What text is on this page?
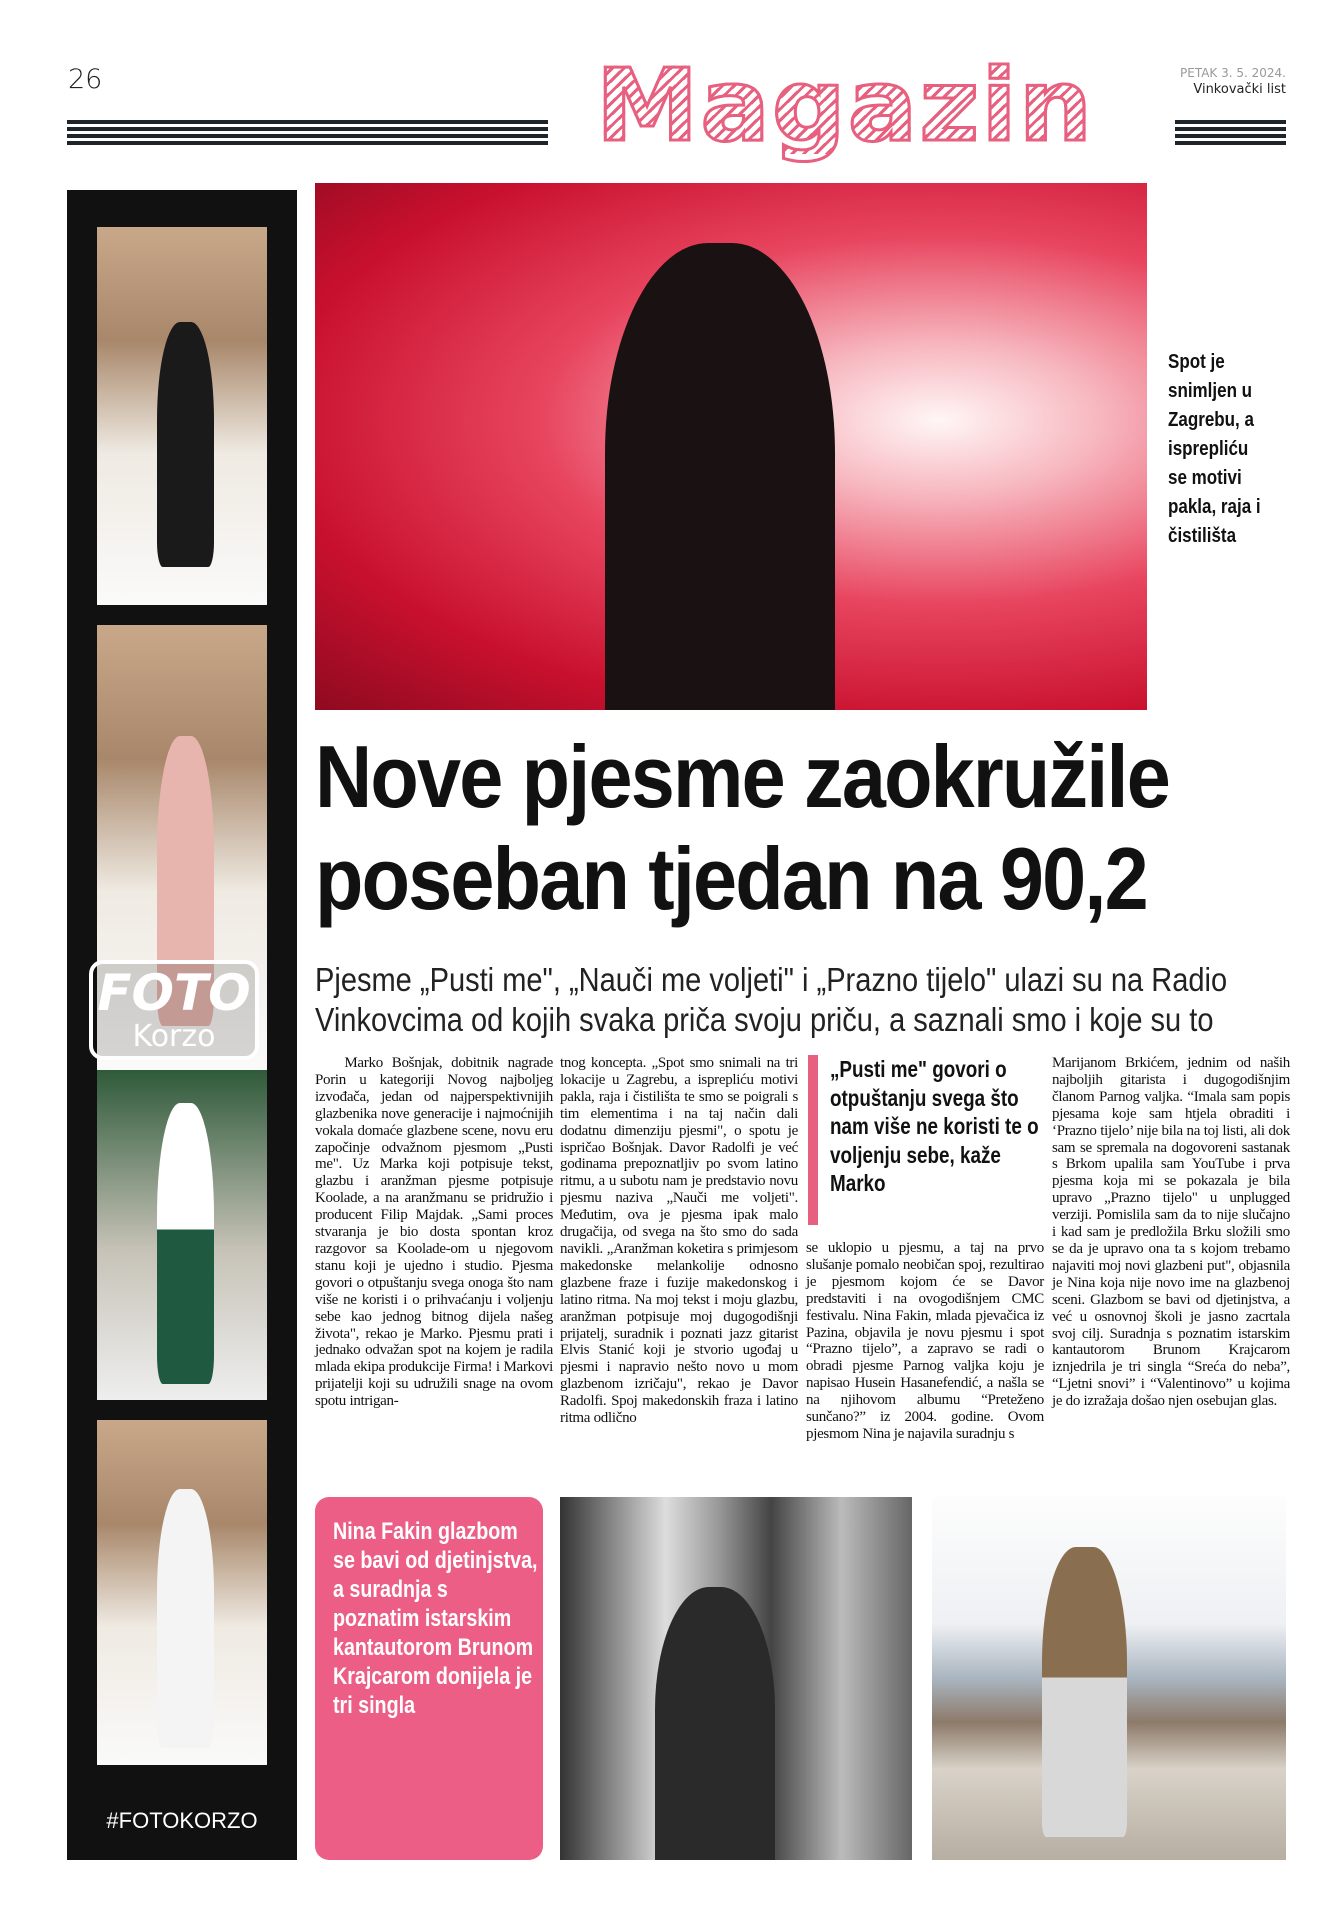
26	Magazin	PETAK 3. 5. 2024.
Vinkovački list
FOTO
Korzo
#FOTOKORZO
Spot je snimljen u Zagrebu, a isprepliću se motivi pakla, raja i čistilišta
Nove pjesme zaokružile poseban tjedan na 90,2
Pjesme „Pusti me", „Nauči me voljeti" i „Prazno tijelo" ulazi su na Radio Vinkovcima od kojih svaka priča svoju priču, a saznali smo i koje su to
  Marko Bošnjak, dobitnik nagrade Porin u kategoriji Novog najboljeg izvođača, jedan od najperspektivnijih glazbenika nove generacije i najmoćnijih vokala domaće glazbene scene, novu eru započinje odvažnom pjesmom „Pusti me". Uz Marka koji potpisuje tekst, glazbu i aranžman pjesme potpisuje Koolade, a na aranžmanu se pridružio i producent Filip Majdak. „Sami proces stvaranja je bio dosta spontan kroz razgovor sa Koolade-om u njegovom stanu koji je ujedno i studio. Pjesma govori o otpuštanju svega onoga što nam više ne koristi i o prihvaćanju i voljenju sebe kao jednog bitnog dijela našeg života", rekao je Marko. Pjesmu prati i jednako odvažan spot na kojem je radila mlada ekipa produkcije Firma! i Markovi prijatelji koji su udružili snage na ovom spotu intrigan-
tnog koncepta. „Spot smo snimali na tri lokacije u Zagrebu, a isprepliću motivi pakla, raja i čistilišta te smo se poigrali s tim elementima i na taj način dali dodatnu dimenziju pjesmi", o spotu je ispričao Bošnjak. Davor Radolfi je već godinama prepoznatljiv po svom latino ritmu, a u subotu nam je predstavio novu pjesmu naziva „Nauči me voljeti". Međutim, ova je pjesma ipak malo drugačija, od svega na što smo do sada navikli. „Aranžman koketira s primjesom makedonske melankolije odnosno glazbene fraze i fuzije makedonskog i latino ritma. Na moj tekst i moju glazbu, aranžman potpisuje moj dugogodišnji prijatelj, suradnik i poznati jazz gitarist Elvis Stanić koji je stvorio ugođaj u pjesmi i napravio nešto novo u mom glazbenom izričaju", rekao je Davor Radolfi. Spoj makedonskih fraza i latino ritma odlično
„Pusti me" govori o otpuštanju svega što nam više ne koristi te o voljenju sebe, kaže Marko
se uklopio u pjesmu, a taj na prvo slušanje pomalo neobičan spoj, rezultirao je pjesmom kojom će se Davor predstaviti i na ovogodišnjem CMC festivalu. Nina Fakin, mlada pjevačica iz Pazina, objavila je novu pjesmu i spot “Prazno tijelo”, a zapravo se radi o obradi pjesme Parnog valjka koju je napisao Husein Hasanefendić, a našla se na njihovom albumu “Preteženo sunčano?” iz 2004. godine. Ovom pjesmom Nina je najavila suradnju s
Marijanom Brkićem, jednim od naših najboljih gitarista i dugogodišnjim članom Parnog valjka. “Imala sam popis pjesama koje sam htjela obraditi i ‘Prazno tijelo’ nije bila na toj listi, ali dok sam se spremala na dogovoreni sastanak s Brkom upalila sam YouTube i prva pjesma koja mi se pokazala je bila upravo „Prazno tijelo" u unplugged verziji. Pomislila sam da to nije slučajno i kad sam je predložila Brku složili smo se da je upravo ona ta s kojom trebamo najaviti moj novi glazbeni put", objasnila je Nina koja nije novo ime na glazbenoj sceni. Glazbom se bavi od djetinjstva, a već u osnovnoj školi je jasno zacrtala svoj cilj. Suradnja s poznatim istarskim kantautorom Brunom Krajcarom iznjedrila je tri singla “Sreća do neba”, “Ljetni snovi” i “Valentinovo” u kojima je do izražaja došao njen osebujan glas.
Nina Fakin glazbom se bavi od djetinjstva, a suradnja s poznatim istarskim kantautorom Brunom Krajcarom donijela je tri singla
